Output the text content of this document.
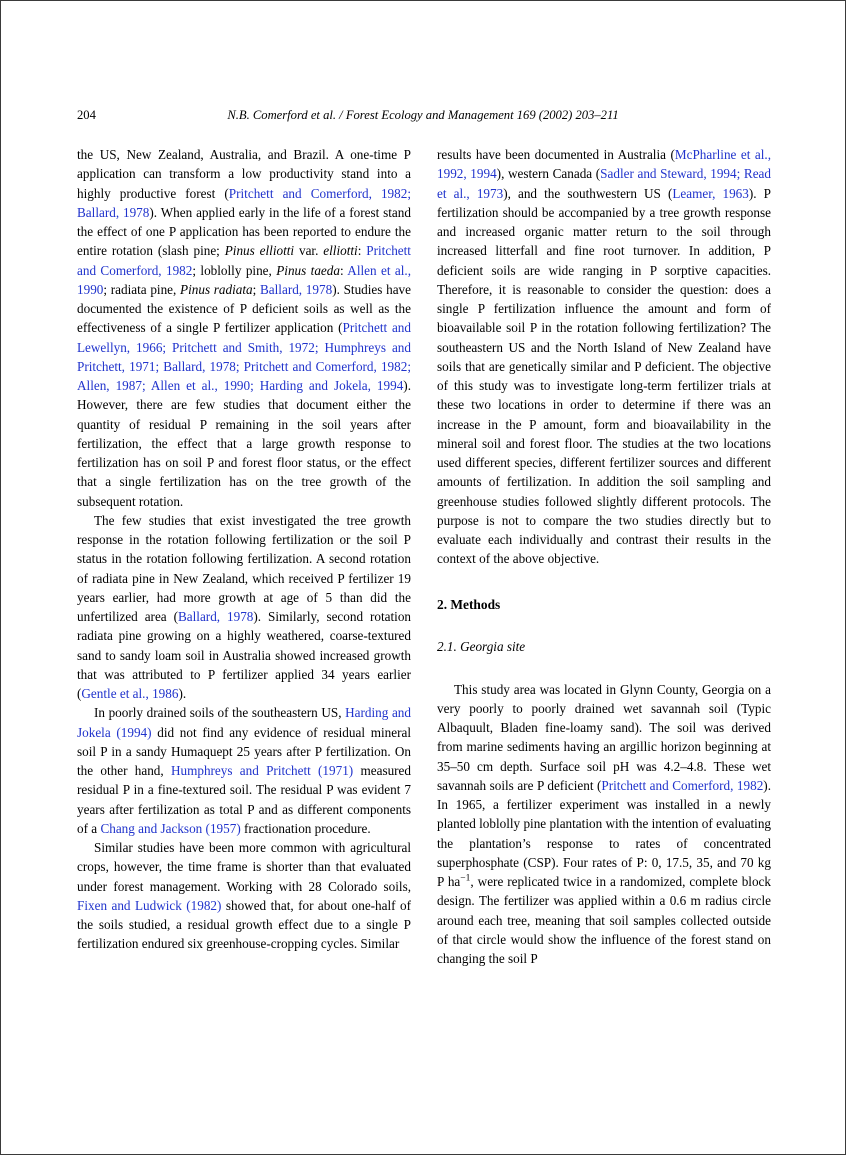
204	N.B. Comerford et al. / Forest Ecology and Management 169 (2002) 203–211

the US, New Zealand, Australia, and Brazil. A one-time P application can transform a low productivity stand into a highly productive forest (Pritchett and Comerford, 1982; Ballard, 1978). When applied early in the life of a forest stand the effect of one P application has been reported to endure the entire rotation (slash pine; Pinus elliotti var. elliotti: Pritchett and Comerford, 1982; loblolly pine, Pinus taeda: Allen et al., 1990; radiata pine, Pinus radiata; Ballard, 1978). Studies have documented the existence of P deficient soils as well as the effectiveness of a single P fertilizer application (Pritchett and Lewellyn, 1966; Pritchett and Smith, 1972; Humphreys and Pritchett, 1971; Ballard, 1978; Pritchett and Comerford, 1982; Allen, 1987; Allen et al., 1990; Harding and Jokela, 1994). However, there are few studies that document either the quantity of residual P remaining in the soil years after fertilization, the effect that a large growth response to fertilization has on soil P and forest floor status, or the effect that a single fertilization has on the tree growth of the subsequent rotation.

The few studies that exist investigated the tree growth response in the rotation following fertilization or the soil P status in the rotation following fertilization. A second rotation of radiata pine in New Zealand, which received P fertilizer 19 years earlier, had more growth at age of 5 than did the unfertilized area (Ballard, 1978). Similarly, second rotation radiata pine growing on a highly weathered, coarse-textured sand to sandy loam soil in Australia showed increased growth that was attributed to P fertilizer applied 34 years earlier (Gentle et al., 1986).

In poorly drained soils of the southeastern US, Harding and Jokela (1994) did not find any evidence of residual mineral soil P in a sandy Humaquept 25 years after P fertilization. On the other hand, Humphreys and Pritchett (1971) measured residual P in a fine-textured soil. The residual P was evident 7 years after fertilization as total P and as different components of a Chang and Jackson (1957) fractionation procedure.

Similar studies have been more common with agricultural crops, however, the time frame is shorter than that evaluated under forest management. Working with 28 Colorado soils, Fixen and Ludwick (1982) showed that, for about one-half of the soils studied, a residual growth effect due to a single P fertilization endured six greenhouse-cropping cycles. Similar

results have been documented in Australia (McPharline et al., 1992, 1994), western Canada (Sadler and Steward, 1994; Read et al., 1973), and the southwestern US (Leamer, 1963). P fertilization should be accompanied by a tree growth response and increased organic matter return to the soil through increased litterfall and fine root turnover. In addition, P deficient soils are wide ranging in P sorptive capacities. Therefore, it is reasonable to consider the question: does a single P fertilization influence the amount and form of bioavailable soil P in the rotation following fertilization? The southeastern US and the North Island of New Zealand have soils that are genetically similar and P deficient. The objective of this study was to investigate long-term fertilizer trials at these two locations in order to determine if there was an increase in the P amount, form and bioavailability in the mineral soil and forest floor. The studies at the two locations used different species, different fertilizer sources and different amounts of fertilization. In addition the soil sampling and greenhouse studies followed slightly different protocols. The purpose is not to compare the two studies directly but to evaluate each individually and contrast their results in the context of the above objective.

2. Methods
2.1. Georgia site

This study area was located in Glynn County, Georgia on a very poorly to poorly drained wet savannah soil (Typic Albaquult, Bladen fine-loamy sand). The soil was derived from marine sediments having an argillic horizon beginning at 35–50 cm depth. Surface soil pH was 4.2–4.8. These wet savannah soils are P deficient (Pritchett and Comerford, 1982). In 1965, a fertilizer experiment was installed in a newly planted loblolly pine plantation with the intention of evaluating the plantation’s response to rates of concentrated superphosphate (CSP). Four rates of P: 0, 17.5, 35, and 70 kg P $ha^{-1}$, were replicated twice in a randomized, complete block design. The fertilizer was applied within a 0.6 m radius circle around each tree, meaning that soil samples collected outside of that circle would show the influence of the forest stand on changing the soil P
